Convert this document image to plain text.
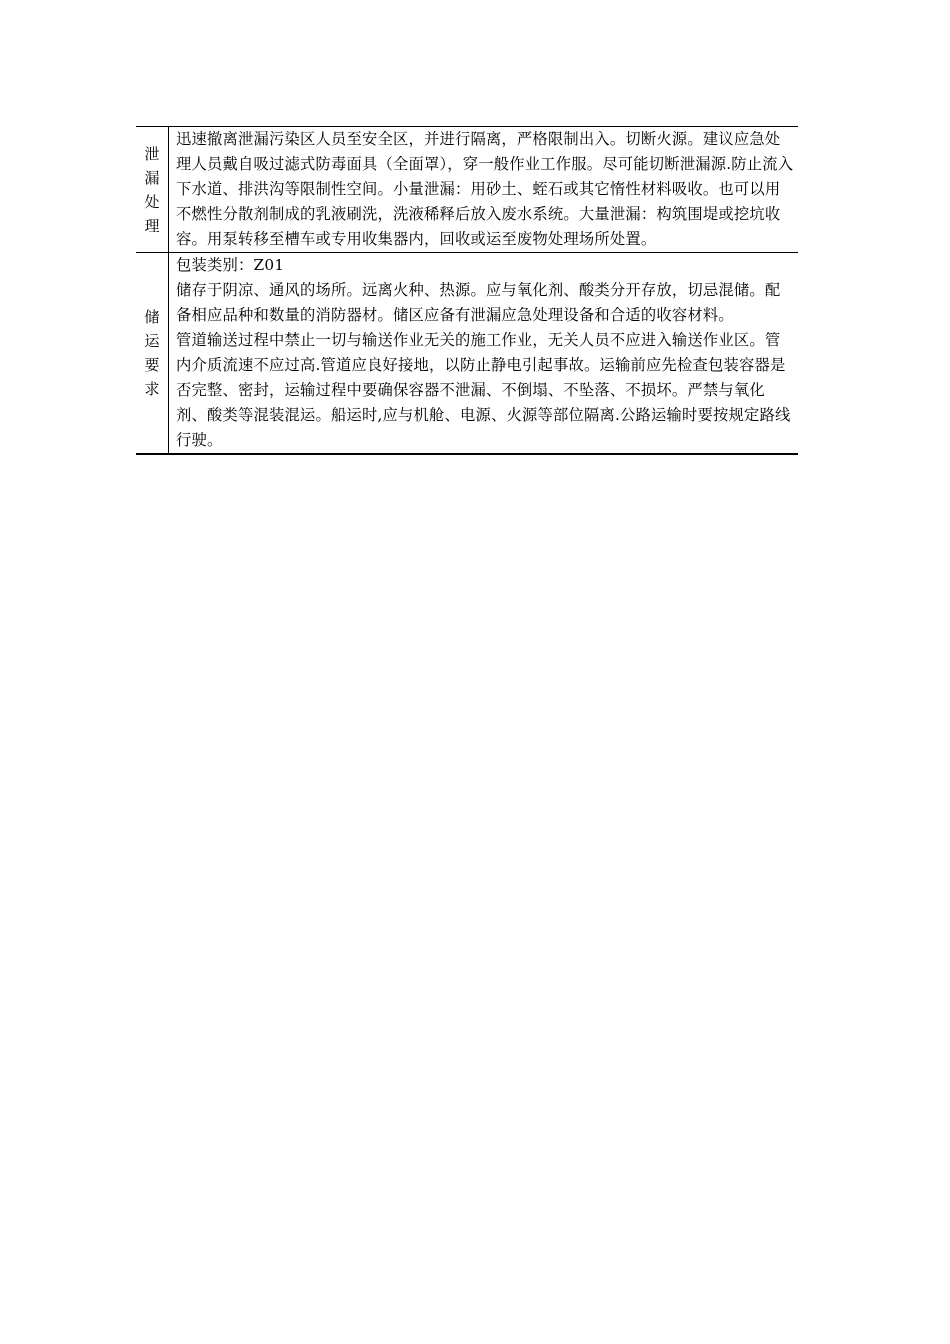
泄漏处理	迅速撤离泄漏污染区人员至安全区，并进行隔离，严格限制出入。切断火源。建议应急处理人员戴自吸过滤式防毒面具（全面罩），穿一般作业工作服。尽可能切断泄漏源.防止流入下水道、排洪沟等限制性空间。小量泄漏：用砂土、蛭石或其它惰性材料吸收。也可以用不燃性分散剂制成的乳液刷洗，洗液稀释后放入废水系统。大量泄漏：构筑围堤或挖坑收容。用泵转移至槽车或专用收集器内，回收或运至废物处理场所处置。

储运要求	包装类别：Z01
储存于阴凉、通风的场所。远离火种、热源。应与氧化剂、酸类分开存放，切忌混储。配备相应品种和数量的消防器材。储区应备有泄漏应急处理设备和合适的收容材料。
管道输送过程中禁止一切与输送作业无关的施工作业，无关人员不应进入输送作业区。管内介质流速不应过高.管道应良好接地，以防止静电引起事故。运输前应先检查包装容器是否完整、密封，运输过程中要确保容器不泄漏、不倒塌、不坠落、不损坏。严禁与氧化剂、酸类等混装混运。船运时,应与机舱、电源、火源等部位隔离.公路运输时要按规定路线行驶。
